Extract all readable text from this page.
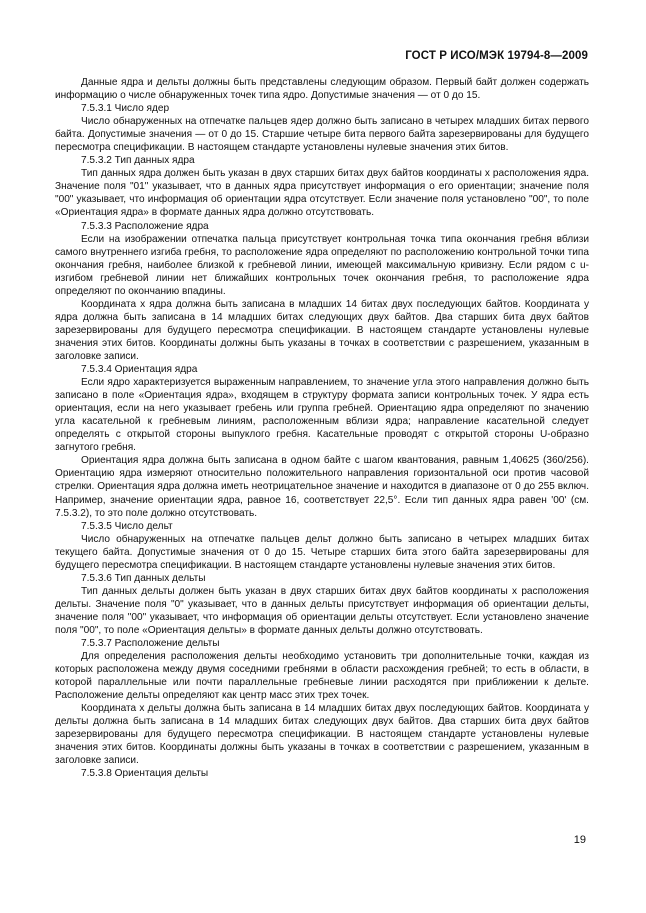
ГОСТ Р ИСО/МЭК 19794-8—2009

Данные ядра и дельты должны быть представлены следующим образом. Первый байт должен содержать информацию о числе обнаруженных точек типа ядро. Допустимые значения — от 0 до 15.

7.5.3.1 Число ядер

Число обнаруженных на отпечатке пальцев ядер должно быть записано в четырех младших битах первого байта. Допустимые значения — от 0 до 15. Старшие четыре бита первого байта зарезервированы для будущего пересмотра спецификации. В настоящем стандарте установлены нулевые значения этих битов.

7.5.3.2 Тип данных ядра

Тип данных ядра должен быть указан в двух старших битах двух байтов координаты x расположения ядра. Значение поля "01" указывает, что в данных ядра присутствует информация о его ориентации; значение поля "00" указывает, что информация об ориентации ядра отсутствует. Если значение поля установлено "00", то поле «Ориентация ядра» в формате данных ядра должно отсутствовать.

7.5.3.3 Расположение ядра

Если на изображении отпечатка пальца присутствует контрольная точка типа окончания гребня вблизи самого внутреннего изгиба гребня, то расположение ядра определяют по расположению контрольной точки типа окончания гребня, наиболее близкой к гребневой линии, имеющей максимальную кривизну. Если рядом с u-изгибом гребневой линии нет ближайших контрольных точек окончания гребня, то расположение ядра определяют по окончанию впадины.

Координата x ядра должна быть записана в младших 14 битах двух последующих байтов. Координата y ядра должна быть записана в 14 младших битах следующих двух байтов. Два старших бита двух байтов зарезервированы для будущего пересмотра спецификации. В настоящем стандарте установлены нулевые значения этих битов. Координаты должны быть указаны в точках в соответствии с разрешением, указанным в заголовке записи.

7.5.3.4 Ориентация ядра

Если ядро характеризуется выраженным направлением, то значение угла этого направления должно быть записано в поле «Ориентация ядра», входящем в структуру формата записи контрольных точек. У ядра есть ориентация, если на него указывает гребень или группа гребней. Ориентацию ядра определяют по значению угла касательной к гребневым линиям, расположенным вблизи ядра; направление касательной следует определять с открытой стороны выпуклого гребня. Касательные проводят с открытой стороны U-образно загнутого гребня.

Ориентация ядра должна быть записана в одном байте с шагом квантования, равным 1,40625 (360/256). Ориентацию ядра измеряют относительно положительного направления горизонтальной оси против часовой стрелки. Ориентация ядра должна иметь неотрицательное значение и находится в диапазоне от 0 до 255 включ. Например, значение ориентации ядра, равное 16, соответствует 22,5°. Если тип данных ядра равен '00' (см. 7.5.3.2), то это поле должно отсутствовать.

7.5.3.5 Число дельт

Число обнаруженных на отпечатке пальцев дельт должно быть записано в четырех младших битах текущего байта. Допустимые значения от 0 до 15. Четыре старших бита этого байта зарезервированы для будущего пересмотра спецификации. В настоящем стандарте установлены нулевые значения этих битов.

7.5.3.6 Тип данных дельты

Тип данных дельты должен быть указан в двух старших битах двух байтов координаты x расположения дельты. Значение поля "0" указывает, что в данных дельты присутствует информация об ориентации дельты, значение поля "00" указывает, что информация об ориентации дельты отсутствует. Если установлено значение поля "00", то поле «Ориентация дельты» в формате данных дельты должно отсутствовать.

7.5.3.7 Расположение дельты

Для определения расположения дельты необходимо установить три дополнительные точки, каждая из которых расположена между двумя соседними гребнями в области расхождения гребней; то есть в области, в которой параллельные или почти параллельные гребневые линии расходятся при приближении к дельте. Расположение дельты определяют как центр масс этих трех точек.

Координата x дельты должна быть записана в 14 младших битах двух последующих байтов. Координата y дельты должна быть записана в 14 младших битах следующих двух байтов. Два старших бита двух байтов зарезервированы для будущего пересмотра спецификации. В настоящем стандарте установлены нулевые значения этих битов. Координаты должны быть указаны в точках в соответствии с разрешением, указанным в заголовке записи.

7.5.3.8 Ориентация дельты

19
